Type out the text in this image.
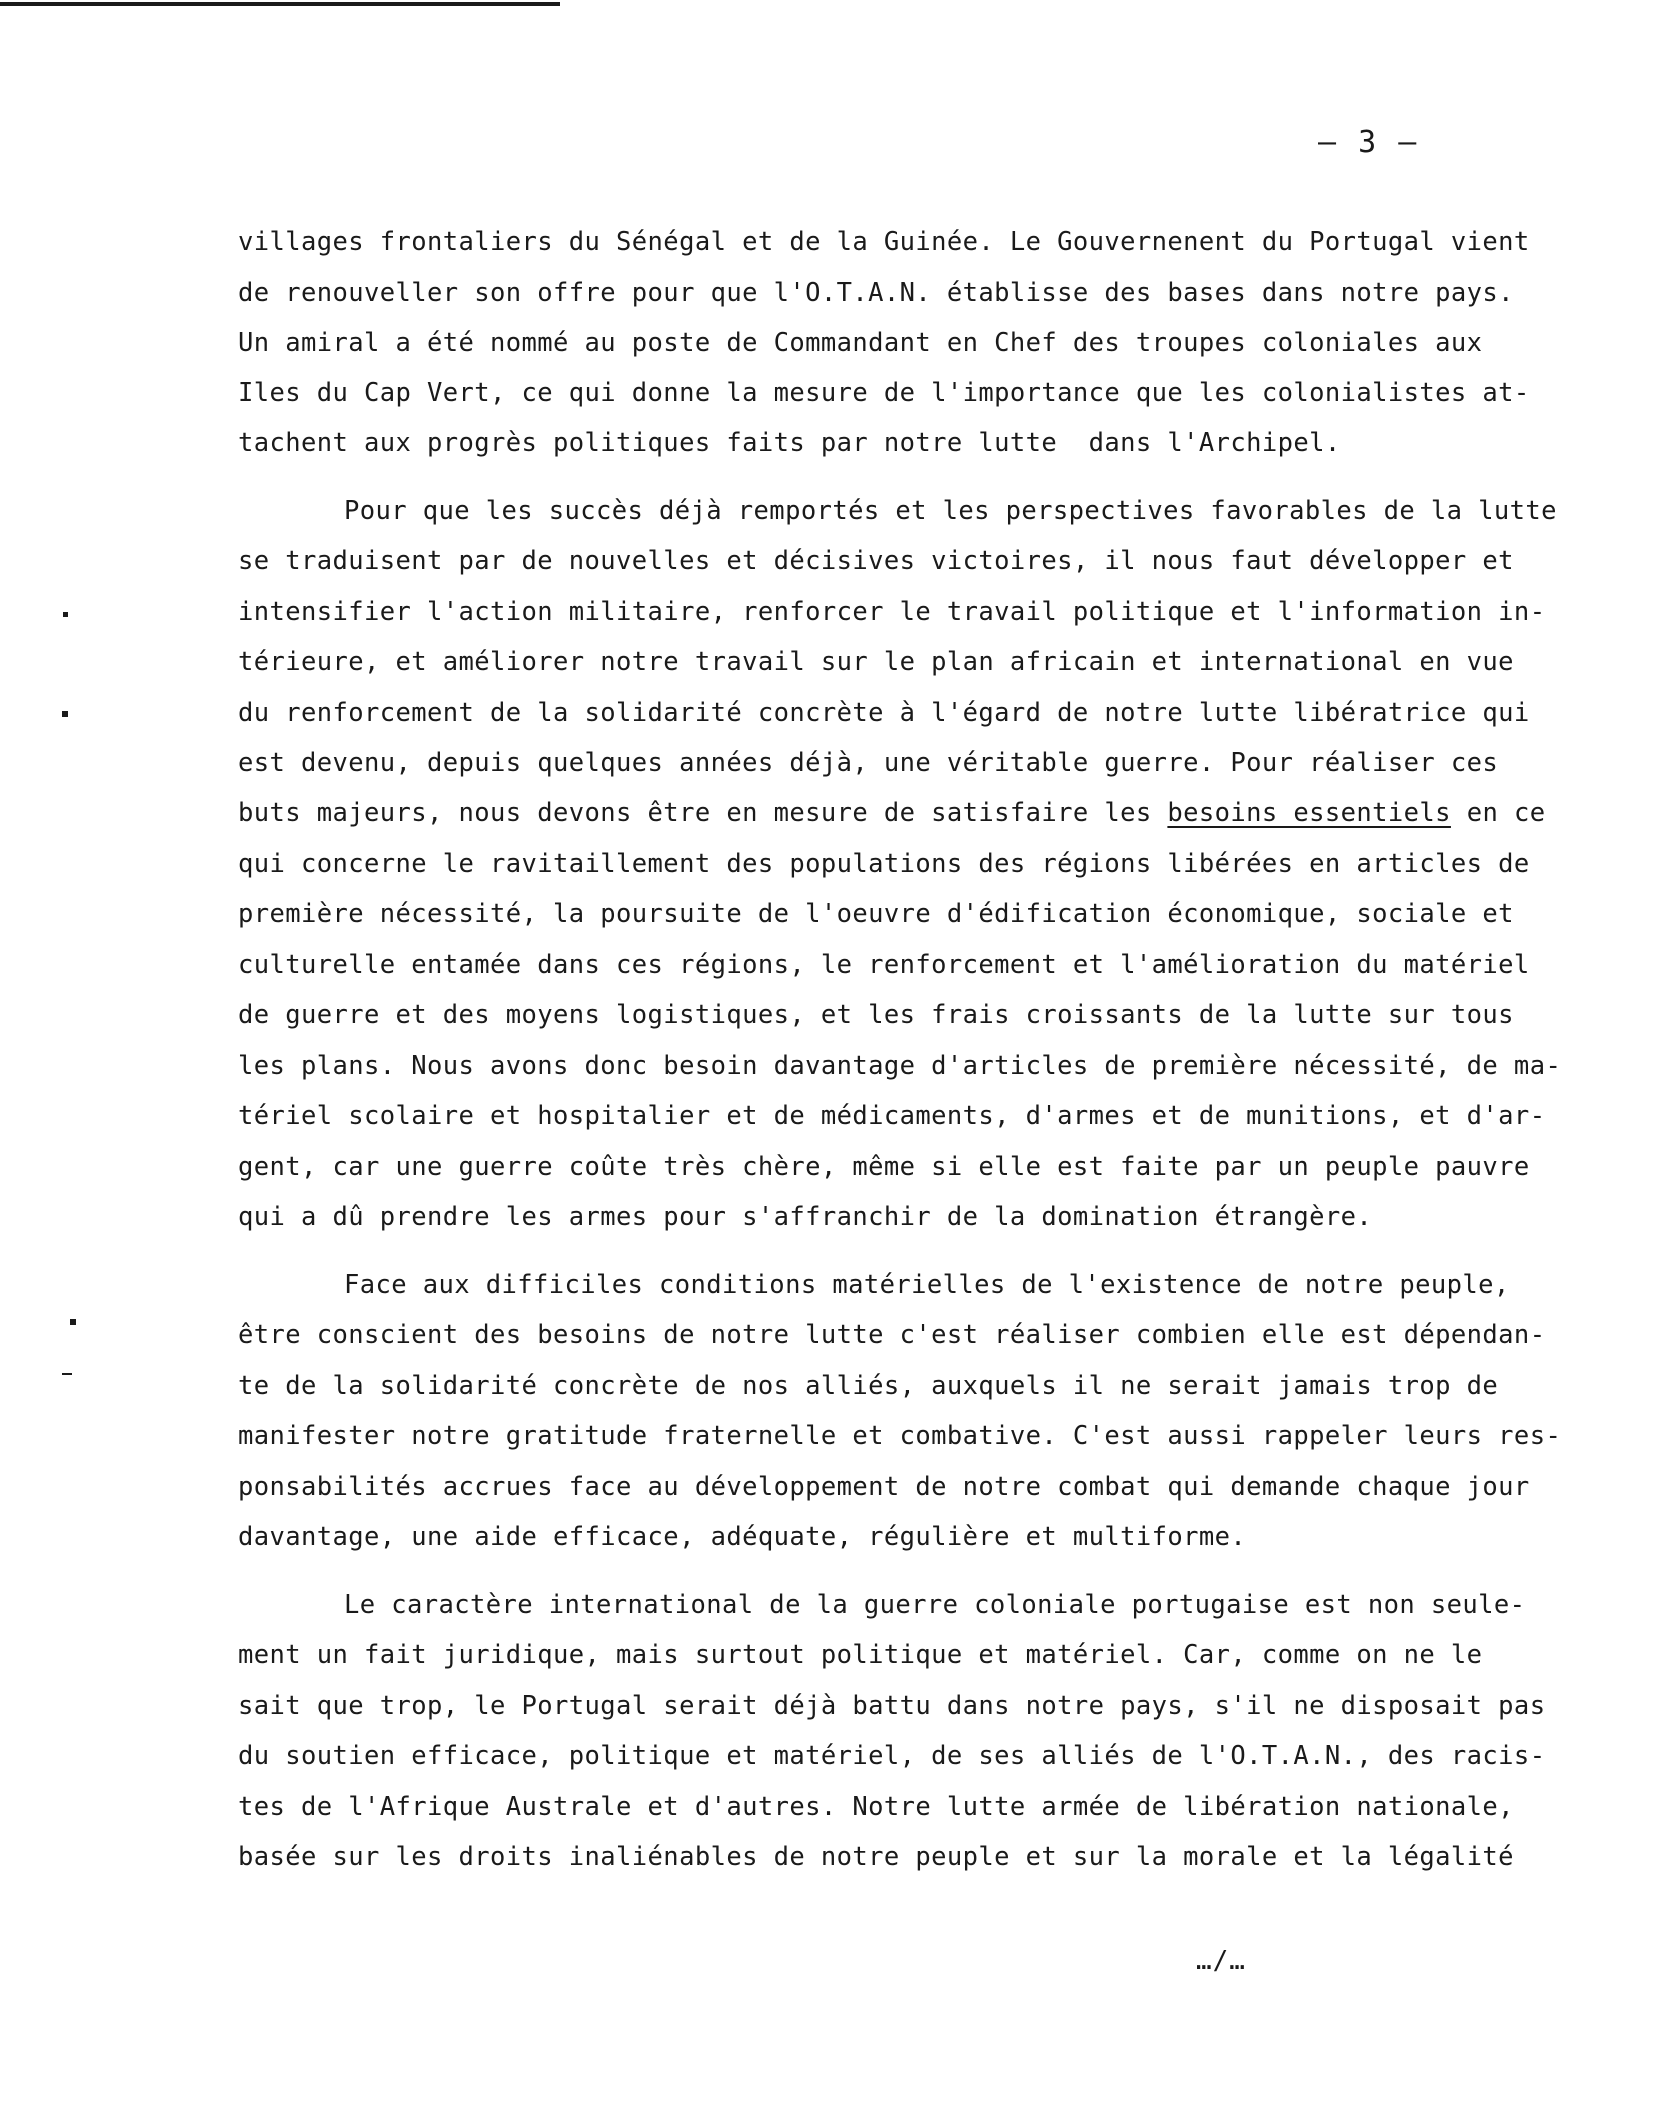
– 3 –
villages frontaliers du Sénégal et de la Guinée. Le Gouvernenent du Portugal vient
de renouveller son offre pour que l'O.T.A.N. établisse des bases dans notre pays.
Un amiral a été nommé au poste de Commandant en Chef des troupes coloniales aux
Iles du Cap Vert, ce qui donne la mesure de l'importance que les colonialistes at-
tachent aux progrès politiques faits par notre lutte  dans l'Archipel.
Pour que les succès déjà remportés et les perspectives favorables de la lutte
se traduisent par de nouvelles et décisives victoires, il nous faut développer et
intensifier l'action militaire, renforcer le travail politique et l'information in-
térieure, et améliorer notre travail sur le plan africain et international en vue
du renforcement de la solidarité concrète à l'égard de notre lutte libératrice qui
est devenu, depuis quelques années déjà, une véritable guerre. Pour réaliser ces
buts majeurs, nous devons être en mesure de satisfaire les besoins essentiels en ce
qui concerne le ravitaillement des populations des régions libérées en articles de
première nécessité, la poursuite de l'oeuvre d'édification économique, sociale et
culturelle entamée dans ces régions, le renforcement et l'amélioration du matériel
de guerre et des moyens logistiques, et les frais croissants de la lutte sur tous
les plans. Nous avons donc besoin davantage d'articles de première nécessité, de ma-
tériel scolaire et hospitalier et de médicaments, d'armes et de munitions, et d'ar-
gent, car une guerre coûte très chère, même si elle est faite par un peuple pauvre
qui a dû prendre les armes pour s'affranchir de la domination étrangère.
Face aux difficiles conditions matérielles de l'existence de notre peuple,
être conscient des besoins de notre lutte c'est réaliser combien elle est dépendan-
te de la solidarité concrète de nos alliés, auxquels il ne serait jamais trop de
manifester notre gratitude fraternelle et combative. C'est aussi rappeler leurs res-
ponsabilités accrues face au développement de notre combat qui demande chaque jour
davantage, une aide efficace, adéquate, régulière et multiforme.
Le caractère international de la guerre coloniale portugaise est non seule-
ment un fait juridique, mais surtout politique et matériel. Car, comme on ne le
sait que trop, le Portugal serait déjà battu dans notre pays, s'il ne disposait pas
du soutien efficace, politique et matériel, de ses alliés de l'O.T.A.N., des racis-
tes de l'Afrique Australe et d'autres. Notre lutte armée de libération nationale,
basée sur les droits inaliénables de notre peuple et sur la morale et la légalité
…/…
